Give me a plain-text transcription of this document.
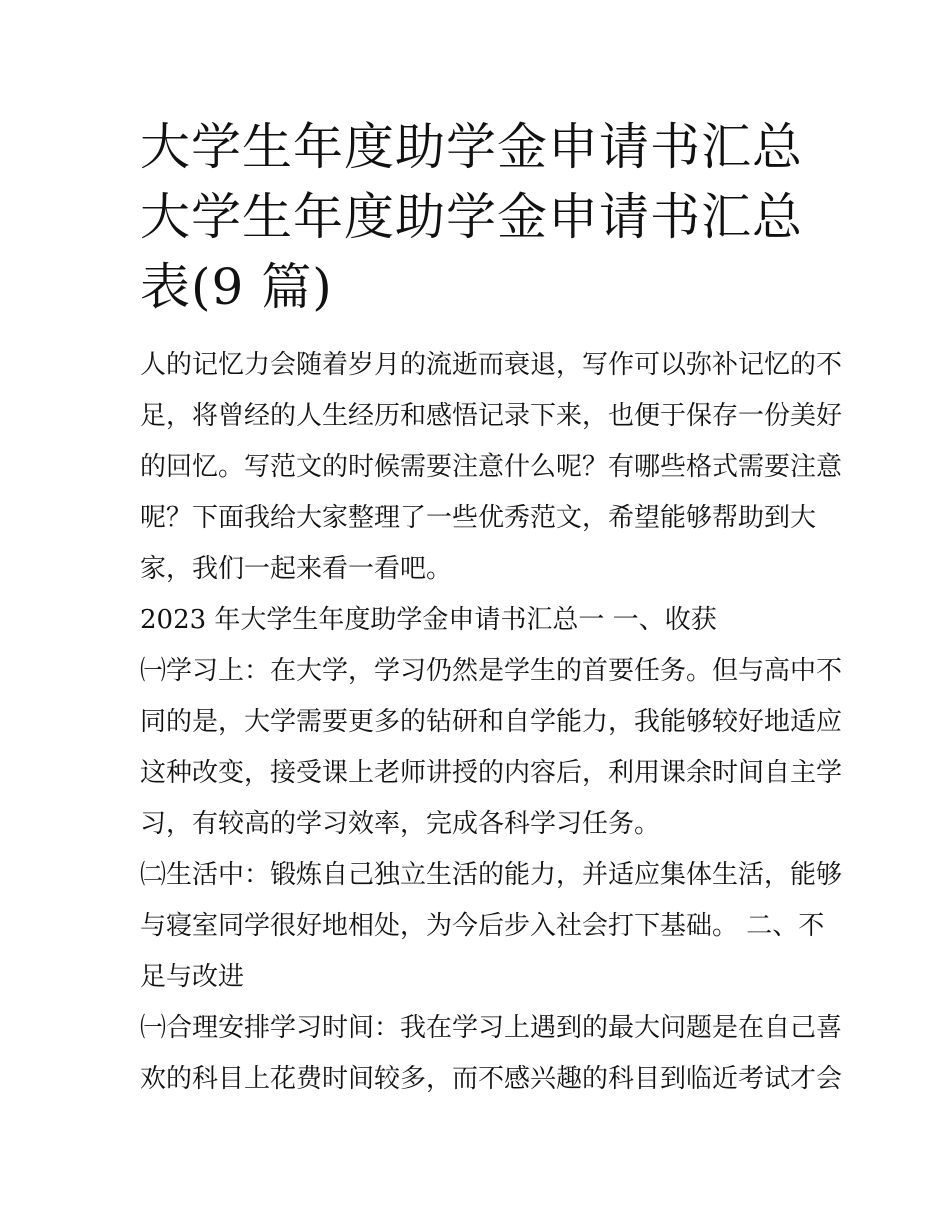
大学生年度助学金申请书汇总
大学生年度助学金申请书汇总
表(9 篇)

人的记忆力会随着岁月的流逝而衰退，写作可以弥补记忆的不
足，将曾经的人生经历和感悟记录下来，也便于保存一份美好
的回忆。写范文的时候需要注意什么呢？有哪些格式需要注意
呢？下面我给大家整理了一些优秀范文，希望能够帮助到大
家，我们一起来看一看吧。

2023 年大学生年度助学金申请书汇总一 一、收获

㈠学习上：在大学，学习仍然是学生的首要任务。但与高中不
同的是，大学需要更多的钻研和自学能力，我能够较好地适应
这种改变，接受课上老师讲授的内容后，利用课余时间自主学
习，有较高的学习效率，完成各科学习任务。

㈡生活中：锻炼自己独立生活的能力，并适应集体生活，能够
与寝室同学很好地相处，为今后步入社会打下基础。 二、不
足与改进

㈠合理安排学习时间：我在学习上遇到的最大问题是在自己喜
欢的科目上花费时间较多，而不感兴趣的科目到临近考试才会
